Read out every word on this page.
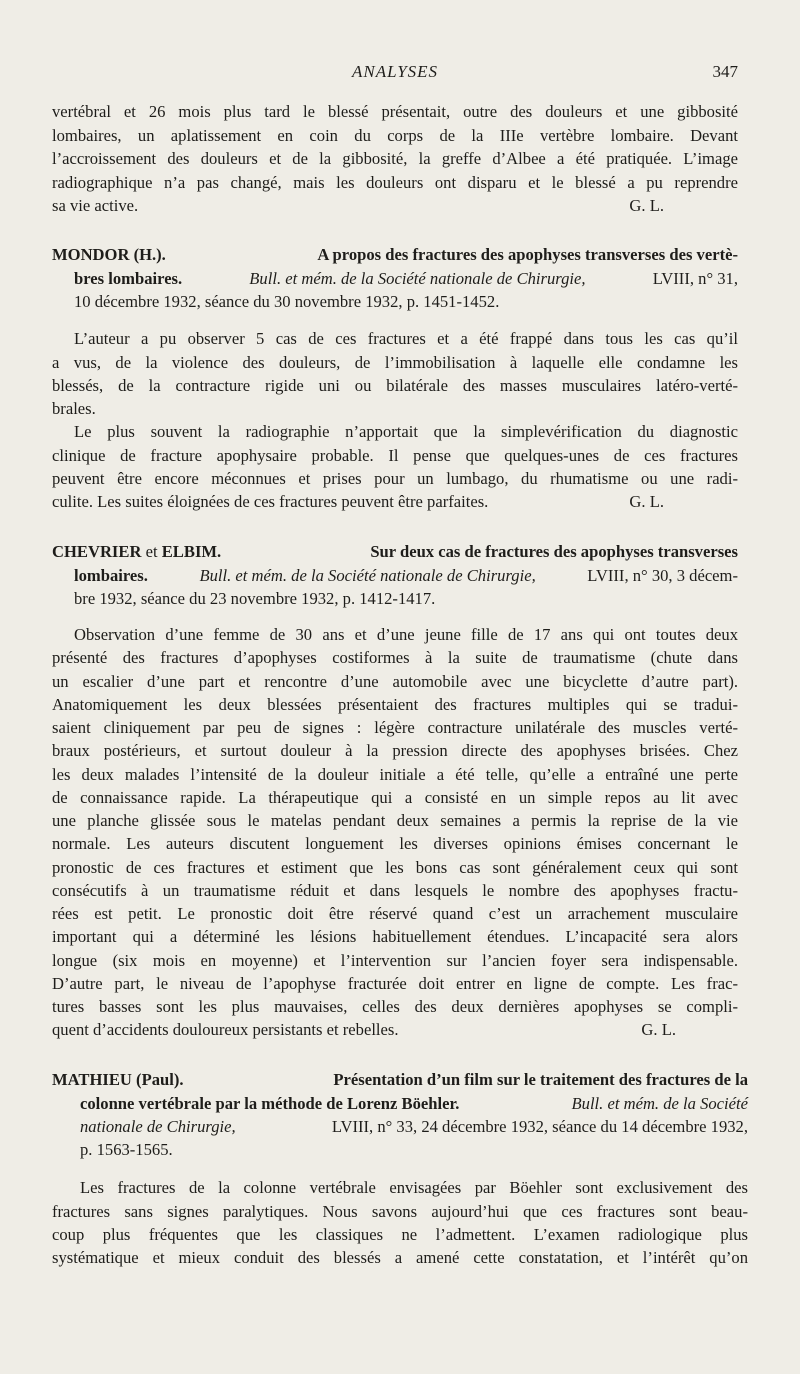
ANALYSES	347
vertébral et 26 mois plus tard le blessé présentait, outre des douleurs et une gibbosité
lombaires, un aplatissement en coin du corps de la IIIe vertèbre lombaire. Devant
l’accroissement des douleurs et de la gibbosité, la greffe d’Albee a été pratiquée. L’image
radiographique n’a pas changé, mais les douleurs ont disparu et le blessé a pu reprendre
sa vie active.	G. L.
MONDOR (H.).	A propos des fractures des apophyses transverses des vertè-
bres lombaires.	Bull. et mém. de la Société nationale de Chirurgie,	LVIII, n° 31,
10 décembre 1932, séance du 30 novembre 1932, p. 1451-1452.
L’auteur a pu observer 5 cas de ces fractures et a été frappé dans tous les cas qu’il
a vus, de la violence des douleurs, de l’immobilisation à laquelle elle condamne les
blessés, de la contracture rigide uni ou bilatérale des masses musculaires latéro-verté-
brales.
Le plus souvent la radiographie n’apportait que la simplevérification du diagnostic
clinique de fracture apophysaire probable. Il pense que quelques-unes de ces fractures
peuvent être encore méconnues et prises pour un lumbago, du rhumatisme ou une radi-
culite. Les suites éloignées de ces fractures peuvent être parfaites.	G. L.
CHEVRIER et ELBIM.	Sur deux cas de fractures des apophyses transverses
lombaires.	Bull. et mém. de la Société nationale de Chirurgie,	LVIII, n° 30, 3 décem-
bre 1932, séance du 23 novembre 1932, p. 1412-1417.
Observation d’une femme de 30 ans et d’une jeune fille de 17 ans qui ont toutes deux
présenté des fractures d’apophyses costiformes à la suite de traumatisme (chute dans
un escalier d’une part et rencontre d’une automobile avec une bicyclette d’autre part).
Anatomiquement les deux blessées présentaient des fractures multiples qui se tradui-
saient cliniquement par peu de signes : légère contracture unilatérale des muscles verté-
braux postérieurs, et surtout douleur à la pression directe des apophyses brisées. Chez
les deux malades l’intensité de la douleur initiale a été telle, qu’elle a entraîné une perte
de connaissance rapide. La thérapeutique qui a consisté en un simple repos au lit avec
une planche glissée sous le matelas pendant deux semaines a permis la reprise de la vie
normale. Les auteurs discutent longuement les diverses opinions émises concernant le
pronostic de ces fractures et estiment que les bons cas sont généralement ceux qui sont
consécutifs à un traumatisme réduit et dans lesquels le nombre des apophyses fractu-
rées est petit. Le pronostic doit être réservé quand c’est un arrachement musculaire
important qui a déterminé les lésions habituellement étendues. L’incapacité sera alors
longue (six mois en moyenne) et l’intervention sur l’ancien foyer sera indispensable.
D’autre part, le niveau de l’apophyse fracturée doit entrer en ligne de compte. Les frac-
tures basses sont les plus mauvaises, celles des deux dernières apophyses se compli-
quent d’accidents douloureux persistants et rebelles.	G. L.
MATHIEU (Paul).	Présentation d’un film sur le traitement des fractures de la
colonne vertébrale par la méthode de Lorenz Böehler.	Bull. et mém. de la Société
nationale de Chirurgie,	LVIII, n° 33, 24 décembre 1932, séance du 14 décembre 1932,
p. 1563-1565.
Les fractures de la colonne vertébrale envisagées par Böehler sont exclusivement des
fractures sans signes paralytiques. Nous savons aujourd’hui que ces fractures sont beau-
coup plus fréquentes que les classiques ne l’admettent. L’examen radiologique plus
systématique et mieux conduit des blessés a amené cette constatation, et l’intérêt qu’on
